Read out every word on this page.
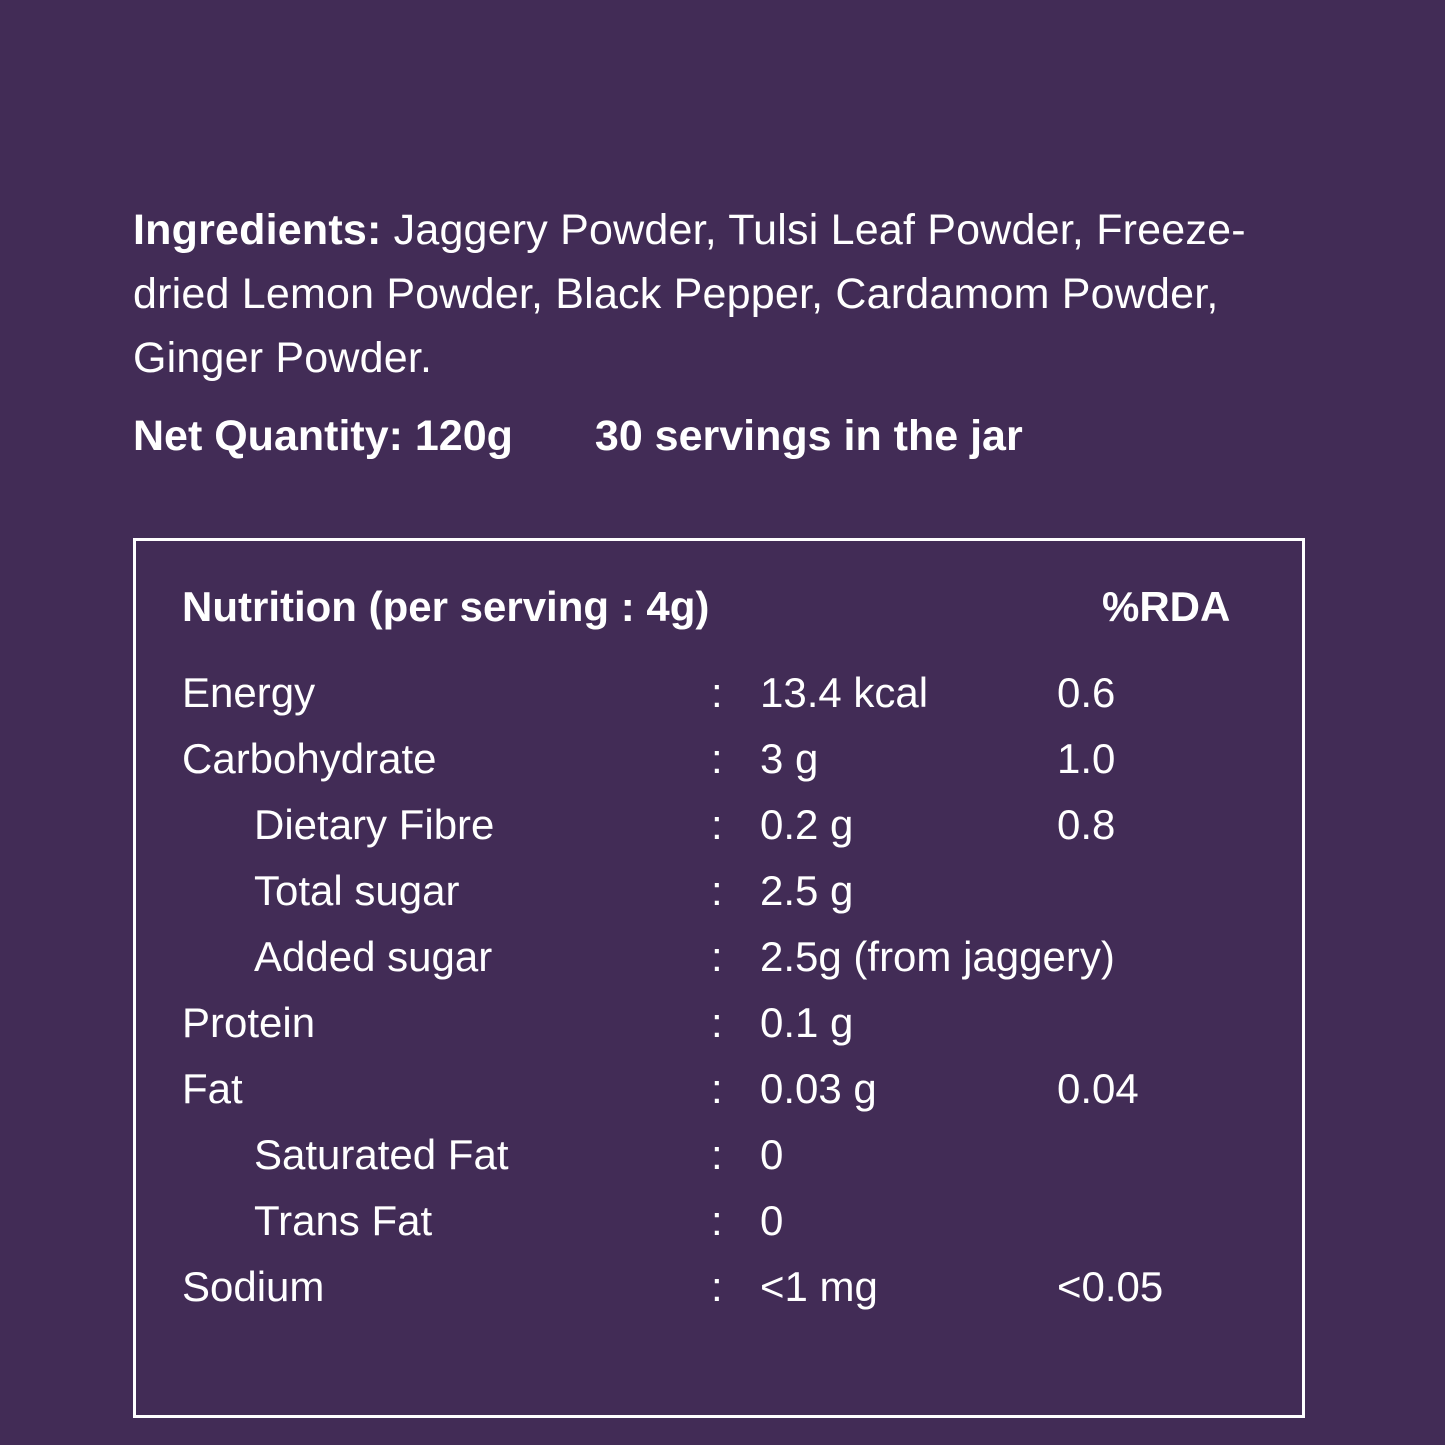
Ingredients: Jaggery Powder, Tulsi Leaf Powder, Freeze-dried Lemon Powder, Black Pepper, Cardamom Powder, Ginger Powder.

Net Quantity: 120g 30 servings in the jar
Nutrition (per serving : 4g)	%RDA
Energy	: 13.4 kcal	0.6
Carbohydrate	: 3 g	1.0
Dietary Fibre	: 0.2 g	0.8
Total sugar	: 2.5 g
Added sugar	: 2.5g (from jaggery)
Protein	: 0.1 g
Fat	: 0.03 g	0.04
Saturated Fat	: 0
Trans Fat	: 0
Sodium	: <1 mg	<0.05
